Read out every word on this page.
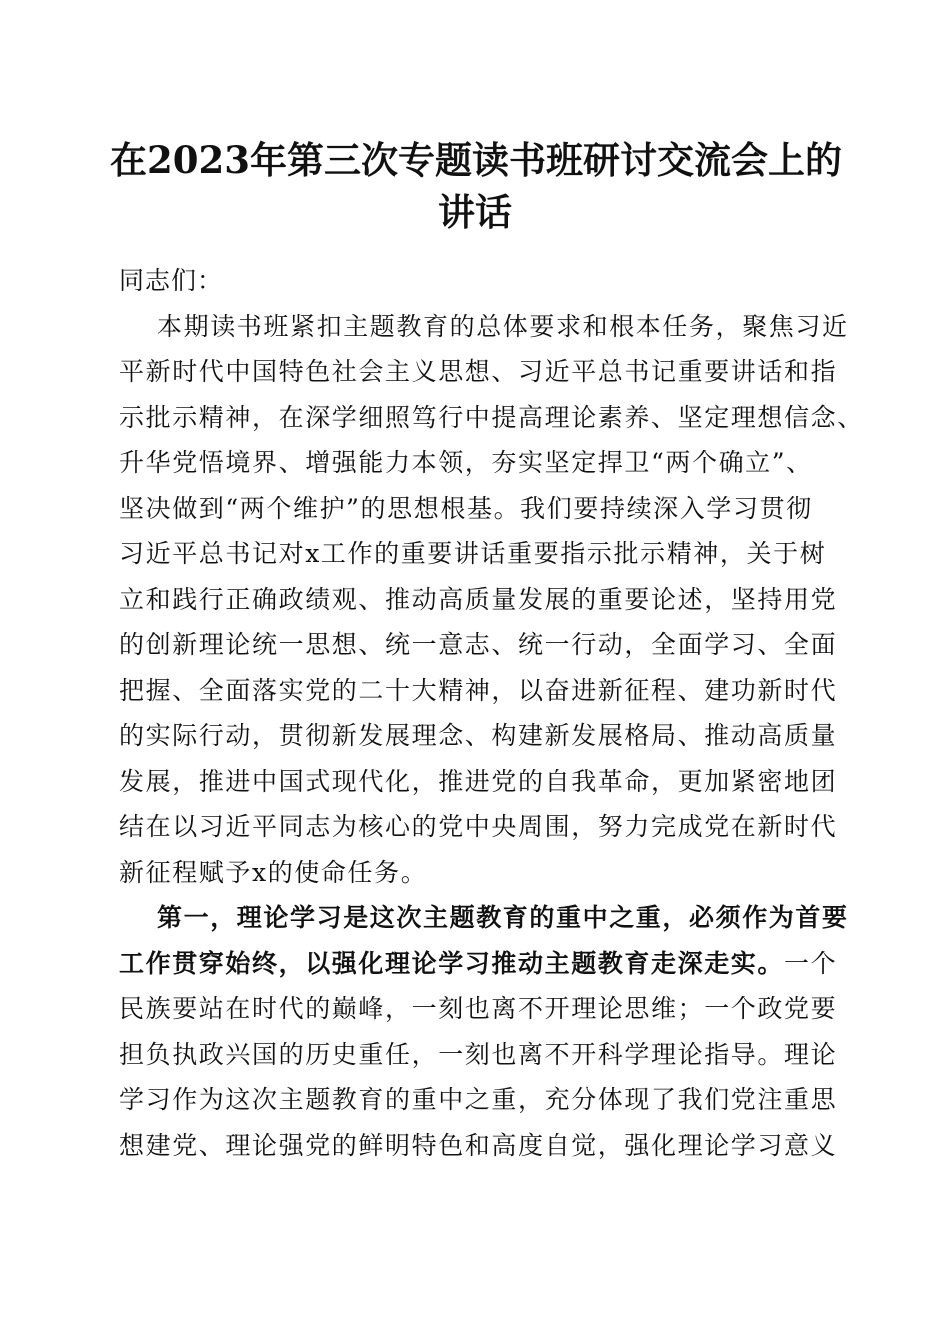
在2023年第三次专题读书班研讨交流会上的
讲话

同志们：

本期读书班紧扣主题教育的总体要求和根本任务，聚焦习近
平新时代中国特色社会主义思想、习近平总书记重要讲话和指
示批示精神，在深学细照笃行中提高理论素养、坚定理想信念、
升华党悟境界、增强能力本领，夯实坚定捍卫“两个确立”、
坚决做到“两个维护”的思想根基。我们要持续深入学习贯彻
习近平总书记对x工作的重要讲话重要指示批示精神，关于树
立和践行正确政绩观、推动高质量发展的重要论述，坚持用党
的创新理论统一思想、统一意志、统一行动，全面学习、全面
把握、全面落实党的二十大精神，以奋进新征程、建功新时代
的实际行动，贯彻新发展理念、构建新发展格局、推动高质量
发展，推进中国式现代化，推进党的自我革命，更加紧密地团
结在以习近平同志为核心的党中央周围，努力完成党在新时代
新征程赋予x的使命任务。

第一，理论学习是这次主题教育的重中之重，必须作为首要
工作贯穿始终，以强化理论学习推动主题教育走深走实。一个
民族要站在时代的巅峰，一刻也离不开理论思维；一个政党要
担负执政兴国的历史重任，一刻也离不开科学理论指导。理论
学习作为这次主题教育的重中之重，充分体现了我们党注重思
想建党、理论强党的鲜明特色和高度自觉，强化理论学习意义
